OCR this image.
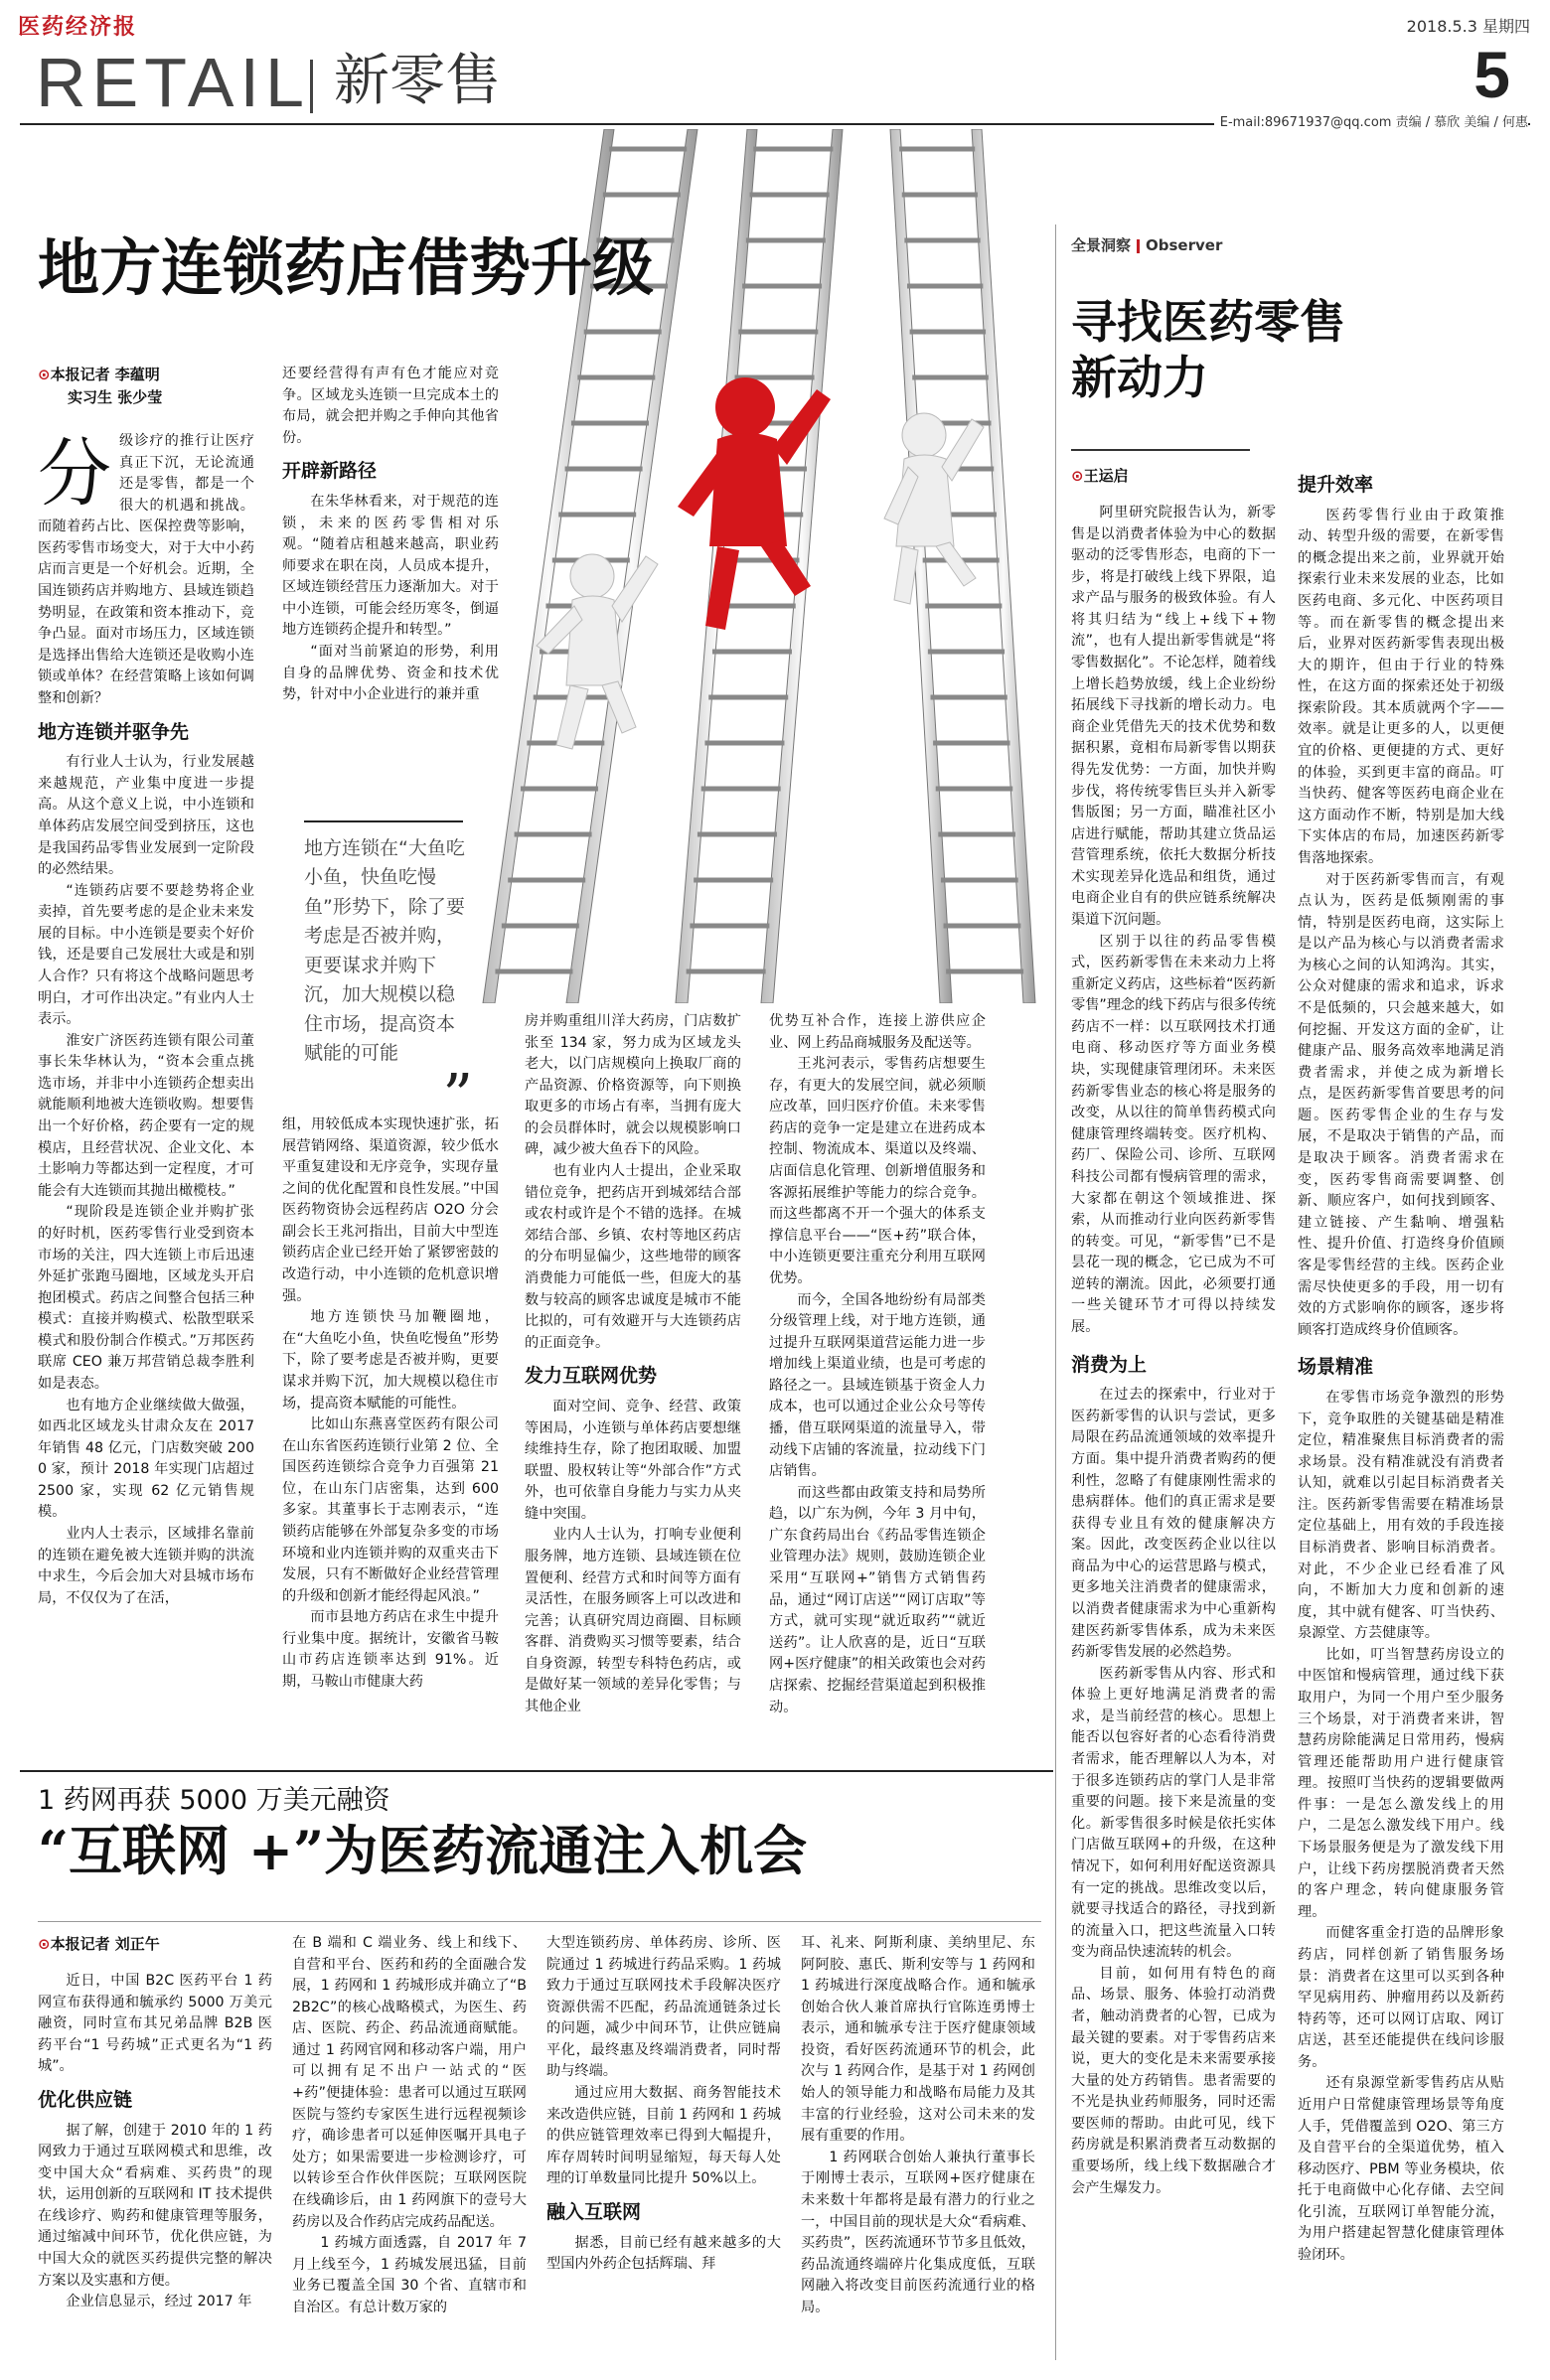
医药经济报	2018.5.3 星期四
RETAIL 新零售	5
E-mail:89671937@qq.com 责编 / 慕欣 美编 / 何惠
地方连锁药店借势升级
⊙本报记者 李蕴明
实习生 张少莹
分 级诊疗的推行让医疗真正下沉，无论流通还是零售，都是一个很大的机遇和挑战。而随着药占比、医保控费等影响，医药零售市场变大，对于大中小药店而言更是一个好机会。近期，全国连锁药店并购地方、县域连锁趋势明显，在政策和资本推动下，竞争凸显。面对市场压力，区域连锁是选择出售给大连锁还是收购小连锁或单体？在经营策略上该如何调整和创新？

地方连锁并驱争先

有行业人士认为，行业发展越来越规范，产业集中度进一步提高。从这个意义上说，中小连锁和单体药店发展空间受到挤压，这也是我国药品零售业发展到一定阶段的必然结果。

“连锁药店要不要趁势将企业卖掉，首先要考虑的是企业未来发展的目标。中小连锁是要卖个好价钱，还是要自己发展壮大或是和别人合作？只有将这个战略问题思考明白，才可作出决定。”有业内人士表示。

淮安广济医药连锁有限公司董事长朱华林认为，“资本会重点挑选市场，并非中小连锁药企想卖出就能顺利地被大连锁收购。想要售出一个好价格，药企要有一定的规模店，且经营状况、企业文化、本土影响力等都达到一定程度，才可能会有大连锁而其抛出橄榄枝。”

“现阶段是连锁企业并购扩张的好时机，医药零售行业受到资本市场的关注，四大连锁上市后迅速外延扩张跑马圈地，区域龙头开启抱团模式。药店之间整合包括三种模式：直接并购模式、松散型联采模式和股份制合作模式。”万邦医药联席 CEO 兼万邦营销总裁李胜利如是表态。

也有地方企业继续做大做强，如西北区域龙头甘肃众友在 2017 年销售 48 亿元，门店数突破 2000 家，预计 2018 年实现门店超过 2500 家，实现 62 亿元销售规模。

业内人士表示，区域排名靠前的连锁在避免被大连锁并购的洪流中求生，今后会加大对县城市场布局，不仅仅为了在活，

还要经营得有声有色才能应对竞争。区域龙头连锁一旦完成本土的布局，就会把并购之手伸向其他省份。

开辟新路径

在朱华林看来，对于规范的连锁，未来的医药零售相对乐观。“随着店租越来越高，职业药师要求在职在岗，人员成本提升，区域连锁经营压力逐渐加大。对于中小连锁，可能会经历寒冬，倒逼地方连锁药企提升和转型。”

“面对当前紧迫的形势，利用自身的品牌优势、资金和技术优势，针对中小企业进行的兼并重

地方连锁在“大鱼吃小鱼，快鱼吃慢鱼”形势下，除了要考虑是否被并购，更要谋求并购下沉，加大规模以稳住市场，提高资本赋能的可能
”

组，用较低成本实现快速扩张，拓展营销网络、渠道资源，较少低水平重复建设和无序竞争，实现存量之间的优化配置和良性发展。”中国医药物资协会远程药店 O2O 分会副会长王兆河指出，目前大中型连锁药店企业已经开始了紧锣密鼓的改造行动，中小连锁的危机意识增强。

地方连锁快马加鞭圈地，在“大鱼吃小鱼，快鱼吃慢鱼”形势下，除了要考虑是否被并购，更要谋求并购下沉，加大规模以稳住市场，提高资本赋能的可能性。

比如山东燕喜堂医药有限公司在山东省医药连锁行业第 2 位、全国医药连锁综合竞争力百强第 21 位，在山东门店密集，达到 600 多家。其董事长于志刚表示，“连锁药店能够在外部复杂多变的市场环境和业内连锁并购的双重夹击下发展，只有不断做好企业经营管理的升级和创新才能经得起风浪。”

而市县地方药店在求生中提升行业集中度。据统计，安徽省马鞍山市药店连锁率达到 91%。近期，马鞍山市健康大药

房并购重组川洋大药房，门店数扩张至 134 家，努力成为区域龙头老大，以门店规模向上换取厂商的产品资源、价格资源等，向下则换取更多的市场占有率，当拥有庞大的会员群体时，就会以规模影响口碑，减少被大鱼吞下的风险。

也有业内人士提出，企业采取错位竞争，把药店开到城郊结合部或农村或许是个不错的选择。在城郊结合部、乡镇、农村等地区药店的分布明显偏少，这些地带的顾客消费能力可能低一些，但庞大的基数与较高的顾客忠诚度是城市不能比拟的，可有效避开与大连锁药店的正面竞争。

发力互联网优势

面对空间、竞争、经营、政策等困局，小连锁与单体药店要想继续维持生存，除了抱团取暖、加盟联盟、股权转让等“外部合作”方式外，也可依靠自身能力与实力从夹缝中突围。

业内人士认为，打响专业便利服务牌，地方连锁、县域连锁在位置便利、经营方式和时间等方面有灵活性，在服务顾客上可以改进和完善；认真研究周边商圈、目标顾客群、消费购买习惯等要素，结合自身资源，转型专科特色药店，或是做好某一领域的差异化零售；与其他企业

优势互补合作，连接上游供应企业、网上药品商城服务及配送等。

王兆河表示，零售药店想要生存，有更大的发展空间，就必须顺应改革，回归医疗价值。未来零售药店的竞争一定是建立在进药成本控制、物流成本、渠道以及终端、店面信息化管理、创新增值服务和客源拓展维护等能力的综合竞争。而这些都离不开一个强大的体系支撑信息平台——“医+药”联合体，中小连锁更要注重充分利用互联网优势。

而今，全国各地纷纷有局部类分级管理上线，对于地方连锁，通过提升互联网渠道营运能力进一步增加线上渠道业绩，也是可考虑的路径之一。县域连锁基于资金人力成本，也可以通过企业公众号等传播，借互联网渠道的流量导入，带动线下店铺的客流量，拉动线下门店销售。

而这些都由政策支持和局势所趋，以广东为例，今年 3 月中旬，广东食药局出台《药品零售连锁企业管理办法》规则，鼓励连锁企业采用“互联网+”销售方式销售药品，通过“网订店送”“网订店取”等方式，就可实现“就近取药”“就近送药”。让人欣喜的是，近日“互联网+医疗健康”的相关政策也会对药店探索、挖掘经营渠道起到积极推动。

全景洞察 Observer
寻找医药零售
新动力
⊙王运启

阿里研究院报告认为，新零售是以消费者体验为中心的数据驱动的泛零售形态，电商的下一步，将是打破线上线下界限，追求产品与服务的极致体验。有人将其归结为“线上+线下+物流”，也有人提出新零售就是“将零售数据化”。不论怎样，随着线上增长趋势放缓，线上企业纷纷拓展线下寻找新的增长动力。电商企业凭借先天的技术优势和数据积累，竟相布局新零售以期获得先发优势：一方面，加快并购步伐，将传统零售巨头并入新零售版图；另一方面，瞄准社区小店进行赋能，帮助其建立货品运营管理系统，依托大数据分析技术实现差异化选品和组货，通过电商企业自有的供应链系统解决渠道下沉问题。

区别于以往的药品零售模式，医药新零售在未来动力上将重新定义药店，这些标着“医药新零售”理念的线下药店与很多传统药店不一样：以互联网技术打通电商、移动医疗等方面业务模块，实现健康管理闭环。未来医药新零售业态的核心将是服务的改变，从以往的简单售药模式向健康管理终端转变。医疗机构、药厂、保险公司、诊所、互联网科技公司都有慢病管理的需求，大家都在朝这个领域推进、探索，从而推动行业向医药新零售的转变。可见，“新零售”已不是昙花一现的概念，它已成为不可逆转的潮流。因此，必须要打通一些关键环节才可得以持续发展。

消费为上

在过去的探索中，行业对于医药新零售的认识与尝试，更多局限在药品流通领域的效率提升方面。集中提升消费者购药的便利性，忽略了有健康刚性需求的患病群体。他们的真正需求是要获得专业且有效的健康解决方案。因此，改变医药企业以往以商品为中心的运营思路与模式，更多地关注消费者的健康需求，以消费者健康需求为中心重新构建医药新零售体系，成为未来医药新零售发展的必然趋势。

医药新零售从内容、形式和体验上更好地满足消费者的需求，是当前经营的核心。思想上能否以包容好者的心态看待消费者需求，能否理解以人为本，对于很多连锁药店的掌门人是非常重要的问题。接下来是流量的变化。新零售很多时候是依托实体门店做互联网+的升级，在这种情况下，如何利用好配送资源具有一定的挑战。思维改变以后，就要寻找适合的路径，寻找到新的流量入口，把这些流量入口转变为商品快速流转的机会。

目前，如何用有特色的商品、场景、服务、体验打动消费者，触动消费者的心智，已成为最关键的要素。对于零售药店来说，更大的变化是未来需要承接大量的处方药销售。患者需要的不光是执业药师服务，同时还需要医师的帮助。由此可见，线下药房就是积累消费者互动数据的重要场所，线上线下数据融合才会产生爆发力。

提升效率

医药零售行业由于政策推动、转型升级的需要，在新零售的概念提出来之前，业界就开始探索行业未来发展的业态，比如医药电商、多元化、中医药项目等。而在新零售的概念提出来后，业界对医药新零售表现出极大的期许，但由于行业的特殊性，在这方面的探索还处于初级探索阶段。其本质就两个字——效率。就是让更多的人，以更便宜的价格、更便捷的方式、更好的体验，买到更丰富的商品。叮当快药、健客等医药电商企业在这方面动作不断，特别是加大线下实体店的布局，加速医药新零售落地探索。

对于医药新零售而言，有观点认为，医药是低频刚需的事情，特别是医药电商，这实际上是以产品为核心与以消费者需求为核心之间的认知鸿沟。其实，公众对健康的需求和追求，诉求不是低频的，只会越来越大，如何挖掘、开发这方面的金矿，让健康产品、服务高效率地满足消费者需求，并使之成为新增长点，是医药新零售首要思考的问题。医药零售企业的生存与发展，不是取决于销售的产品，而是取决于顾客。消费者需求在变，医药零售商需要调整、创新、顺应客户，如何找到顾客、建立链接、产生黏响、增强粘性、提升价值、打造终身价值顾客是零售经营的主线。医药企业需尽快使更多的手段，用一切有效的方式影响你的顾客，逐步将顾客打造成终身价值顾客。

场景精准

在零售市场竞争激烈的形势下，竞争取胜的关键基础是精准定位，精准聚焦目标消费者的需求场景。没有精准就没有消费者认知，就难以引起目标消费者关注。医药新零售需要在精准场景定位基础上，用有效的手段连接目标消费者、影响目标消费者。对此，不少企业已经看准了风向，不断加大力度和创新的速度，其中就有健客、叮当快药、泉源堂、方芸健康等。

比如，叮当智慧药房设立的中医馆和慢病管理，通过线下获取用户，为同一个用户至少服务三个场景，对于消费者来讲，智慧药房除能满足日常用药，慢病管理还能帮助用户进行健康管理。按照叮当快药的逻辑要做两件事：一是怎么激发线上的用户，二是怎么激发线下用户。线下场景服务便是为了激发线下用户，让线下药房摆脱消费者天然的客户理念，转向健康服务管理。

而健客重金打造的品牌形象药店，同样创新了销售服务场景：消费者在这里可以买到各种罕见病用药、肿瘤用药以及新药特药等，还可以网订店取、网订店送，甚至还能提供在线问诊服务。

还有泉源堂新零售药店从贴近用户日常健康管理场景等角度人手，凭借覆盖到 O2O、第三方及自营平台的全渠道优势，植入移动医疗、PBM 等业务模块，依托于电商做中心化存储、去空间化引流，互联网订单智能分流，为用户搭建起智慧化健康管理体验闭环。

1 药网再获 5000 万美元融资
“互联网 +”为医药流通注入机会
⊙本报记者 刘正午

近日，中国 B2C 医药平台 1 药网宣布获得通和毓承约 5000 万美元融资，同时宣布其兄弟品牌 B2B 医药平台“1 号药城”正式更名为“1 药城”。

优化供应链

据了解，创建于 2010 年的 1 药网致力于通过互联网模式和思维，改变中国大众“看病难、买药贵”的现状，运用创新的互联网和 IT 技术提供在线诊疗、购药和健康管理等服务，通过缩减中间环节，优化供应链，为中国大众的就医买药提供完整的解决方案以及实惠和方便。

企业信息显示，经过 2017 年

在 B 端和 C 端业务、线上和线下、自营和平台、医药和药的全面融合发展，1 药网和 1 药城形成并确立了“B2B2C”的核心战略模式，为医生、药店、医院、药企、药品流通商赋能。通过 1 药网官网和移动客户端，用户可以拥有足不出户一站式的“医+药”便捷体验：患者可以通过互联网医院与签约专家医生进行远程视频诊疗，确诊患者可以延伸医嘱开具电子处方；如果需要进一步检测诊疗，可以转诊至合作伙伴医院；互联网医院在线确诊后，由 1 药网旗下的壹号大药房以及合作药店完成药品配送。

1 药城方面透露，自 2017 年 7 月上线至今，1 药城发展迅猛，目前业务已覆盖全国 30 个省、直辖市和自治区。有总计数万家的

大型连锁药房、单体药房、诊所、医院通过 1 药城进行药品采购。1 药城致力于通过互联网技术手段解决医疗资源供需不匹配，药品流通链条过长的问题，减少中间环节，让供应链扁平化，最终惠及终端消费者，同时帮助与终端。

通过应用大数据、商务智能技术来改造供应链，目前 1 药网和 1 药城的供应链管理效率已得到大幅提升，库存周转时间明显缩短，每天每人处理的订单数量同比提升 50%以上。

融入互联网

据悉，目前已经有越来越多的大型国内外药企包括辉瑞、拜

耳、礼来、阿斯利康、美纳里尼、东阿阿胶、惠氏、斯利安等与 1 药网和 1 药城进行深度战略合作。通和毓承创始合伙人兼首席执行官陈连勇博士表示，通和毓承专注于医疗健康领域投资，看好医药流通环节的机会，此次与 1 药网合作，是基于对 1 药网创始人的领导能力和战略布局能力及其丰富的行业经验，这对公司未来的发展有重要的作用。

1 药网联合创始人兼执行董事长于刚博士表示，互联网+医疗健康在未来数十年都将是最有潜力的行业之一，中国目前的现状是大众“看病难、买药贵”，医药流通环节节多且低效，药品流通终端碎片化集成度低，互联网融入将改变目前医药流通行业的格局。
